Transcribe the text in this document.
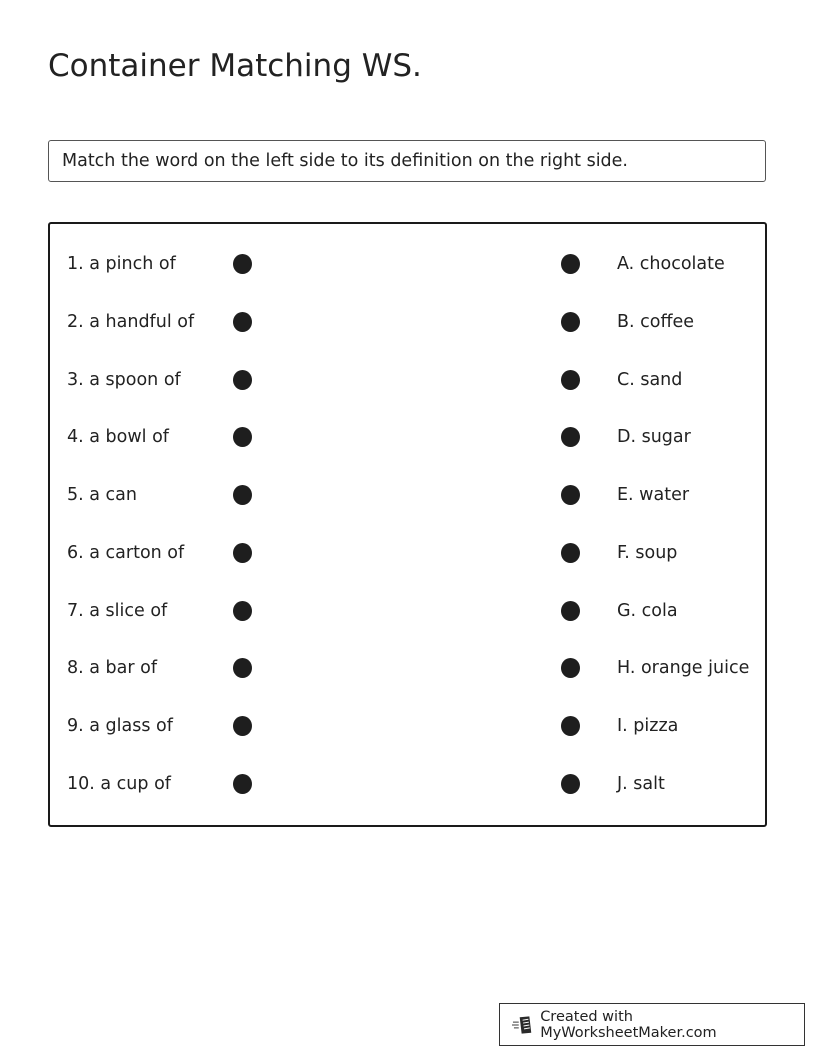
Container Matching WS.
Match the word on the left side to its definition on the right side.
1. a pinch of	A. chocolate
2. a handful of	B. coffee
3. a spoon of	C. sand
4. a bowl of	D. sugar
5. a can	E. water
6. a carton of	F. soup
7. a slice of	G. cola
8. a bar of	H. orange juice
9. a glass of	I. pizza
10. a cup of	J. salt
Created with MyWorksheetMaker.com
